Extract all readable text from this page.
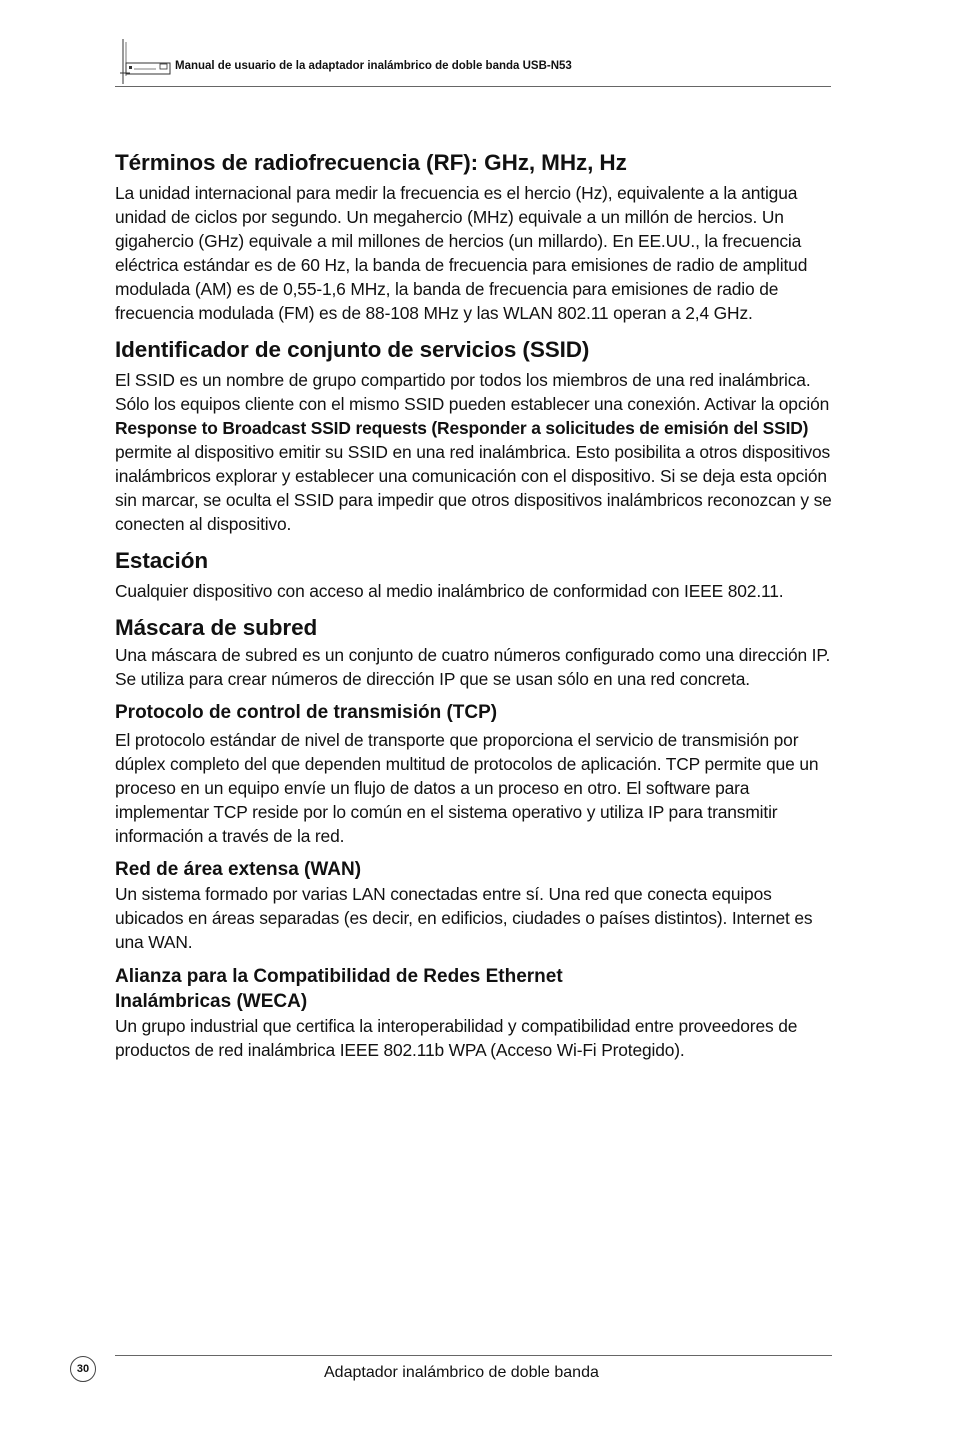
Manual de usuario de la adaptador inalámbrico de doble banda USB-N53
Términos de radiofrecuencia (RF): GHz, MHz, Hz

La unidad internacional para medir la frecuencia es el hercio (Hz), equivalente a la antigua unidad de ciclos por segundo. Un megahercio (MHz) equivale a un millón de hercios. Un gigahercio (GHz) equivale a mil millones de hercios (un millardo). En EE.UU., la frecuencia eléctrica estándar es de 60 Hz, la banda de frecuencia para emisiones de radio de amplitud modulada (AM) es de 0,55-1,6 MHz, la banda de frecuencia para emisiones de radio de frecuencia modulada (FM) es de 88-108 MHz y las WLAN 802.11 operan a 2,4 GHz.

Identificador de conjunto de servicios (SSID)

El SSID es un nombre de grupo compartido por todos los miembros de una red inalámbrica. Sólo los equipos cliente con el mismo SSID pueden establecer una conexión. Activar la opción Response to Broadcast SSID requests (Responder a solicitudes de emisión del SSID) permite al dispositivo emitir su SSID en una red inalámbrica. Esto posibilita a otros dispositivos inalámbricos explorar y establecer una comunicación con el dispositivo. Si se deja esta opción sin marcar, se oculta el SSID para impedir que otros dispositivos inalámbricos reconozcan y se conecten al dispositivo.

Estación

Cualquier dispositivo con acceso al medio inalámbrico de conformidad con IEEE 802.11.

Máscara de subred

Una máscara de subred es un conjunto de cuatro números configurado como una dirección IP. Se utiliza para crear números de dirección IP que se usan sólo en una red concreta.

Protocolo de control de transmisión (TCP)

El protocolo estándar de nivel de transporte que proporciona el servicio de transmisión por dúplex completo del que dependen multitud de protocolos de aplicación. TCP permite que un proceso en un equipo envíe un flujo de datos a un proceso en otro. El software para implementar TCP reside por lo común en el sistema operativo y utiliza IP para transmitir información a través de la red.

Red de área extensa (WAN)

Un sistema formado por varias LAN conectadas entre sí. Una red que conecta equipos ubicados en áreas separadas (es decir, en edificios, ciudades o países distintos). Internet es una WAN.

Alianza para la Compatibilidad de Redes Ethernet
Inalámbricas (WECA)

Un grupo industrial que certifica la interoperabilidad y compatibilidad entre proveedores de productos de red inalámbrica IEEE 802.11b WPA (Acceso Wi-Fi Protegido).

30	Adaptador inalámbrico de doble banda
